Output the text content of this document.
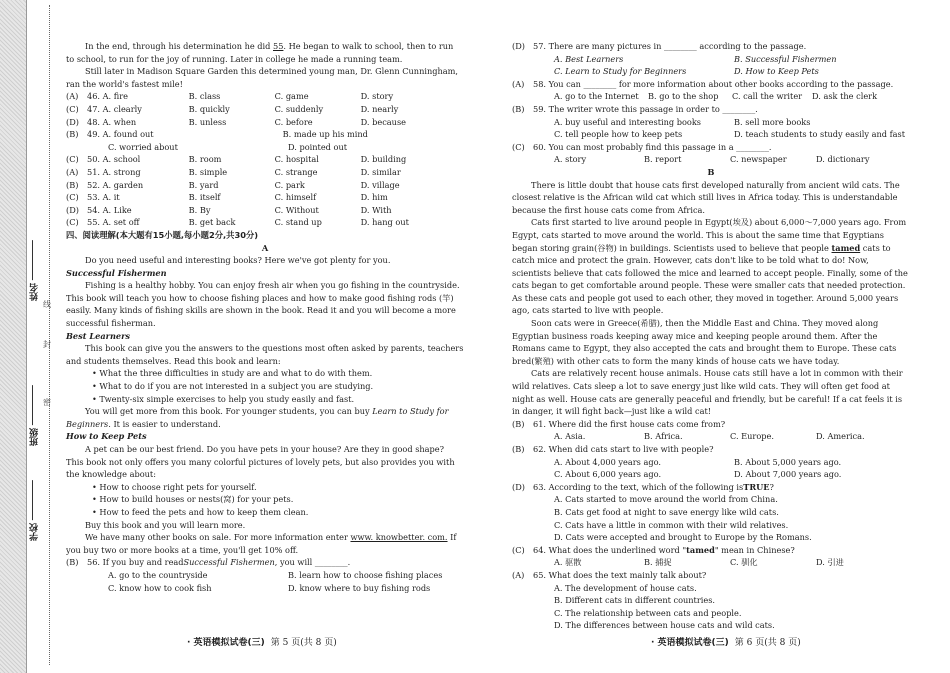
学校
班级
姓名
密
封
线

In the end, through his determination he did 55. He began to walk to school, then to run to school, to run for the joy of running. Later in college he made a running team.

Still later in Madison Square Garden this determined young man, Dr. Glenn Cunningham, ran the world's fastest mile!

(A)	46 . A. fire	B. class	C. game	D. story
(C)	47 . A. clearly	B. quickly	C. suddenly	D. nearly
(D) 48 . A. when	B. unless	C. before	D. because
(B)	49 . A. found out	B. made up his mind
C. worried about	D. pointed out
(C)	50 . A. school	B. room	C. hospital	D. building
(A)	51 . A. strong	B. simple	C. strange	D. similar
(B)	52 . A. garden	B. yard	C. park	D. village
(C)	53 . A. it	B. itself	C. himself	D. him
(D) 54 . A. Like	B. By	C. Without	D. With
(C)	55 . A. set off	B. get back	C. stand up	D. hang out

四、阅读理解(本大题有15小题,每小题2分,共30分)

A

Do you need useful and interesting books? Here we've got plenty for you.

Successful Fishermen

Fishing is a healthy hobby. You can enjoy fresh air when you go fishing in the countryside. This book will teach you how to choose fishing places and how to make good fishing rods (竿) easily. Many kinds of fishing skills are shown in the book. Read it and you will become a more successful fisherman.

Best Learners

This book can give you the answers to the questions most often asked by parents, teachers and students themselves. Read this book and learn:

• What the three difficulties in study are and what to do with them.

• What to do if you are not interested in a subject you are studying.

• Twenty-six simple exercises to help you study easily and fast.

You will get more from this book. For younger students, you can buy Learn to Study for Beginners. It is easier to understand.

How to Keep Pets

A pet can be our best friend. Do you have pets in your house? Are they in good shape? This book not only offers you many colorful pictures of lovely pets, but also provides you with the knowledge about:

• How to choose right pets for yourself.

• How to build houses or nests(窝) for your pets.

• How to feed the pets and how to keep them clean.

Buy this book and you will learn more.

We have many other books on sale. For more information enter www. knowbetter. com. If you buy two or more books at a time, you'll get 10% off.

(B)	56. If you buy and read Successful Fishermen , you will ________.
A. go to the countryside	B. learn how to choose fishing places
C. know how to cook fish	D. know where to buy fishing rods
· 英语模拟试卷(三) 第 5 页(共 8 页)
(D) 57. There are many pictures in ________ according to the passage.
A. Best Learners	B. Successful Fishermen
C. Learn to Study for Beginners	D. How to Keep Pets
(A)	58. You can ________ for more information about other books according to the passage.
A. go to the Internet	B. go to the shop	C. call the writer	D. ask the clerk
(B)	59. The writer wrote this passage in order to ________.
A. buy useful and interesting books	B. sell more books
C. tell people how to keep pets	D. teach students to study easily and fast
(C)	60. You can most probably find this passage in a ________.
A. story	B. report	C. newspaper	D. dictionary

B

There is little doubt that house cats first developed naturally from ancient wild cats. The closest relative is the African wild cat which still lives in Africa today. This is understandable because the first house cats come from Africa.

Cats first started to live around people in Egypt(埃及) about 6,000～7,000 years ago. From Egypt, cats started to move around the world. This is about the same time that Egyptians began storing grain(谷物) in buildings. Scientists used to believe that people tamed cats to catch mice and protect the grain. However, cats don't like to be told what to do! Now, scientists believe that cats followed the mice and learned to accept people. Finally, some of the cats began to get comfortable around people. These were smaller cats that needed protection. As these cats and people got used to each other, they moved in together. Around 5,000 years ago, cats started to live with people.

Soon cats were in Greece(希腊), then the Middle East and China. They moved along Egyptian business roads keeping away mice and keeping people around them. After the Romans came to Egypt, they also accepted the cats and brought them to Europe. These cats bred(繁殖) with other cats to form the many kinds of house cats we have today.

Cats are relatively recent house animals. House cats still have a lot in common with their wild relatives. Cats sleep a lot to save energy just like wild cats. They will often get food at night as well. House cats are generally peaceful and friendly, but be careful! If a cat feels it is in danger, it will fight back—just like a wild cat!

(B)	61. Where did the first house cats come from?
A. Asia.	B. Africa.	C. Europe.	D. America.
(B)	62. When did cats start to live with people?
A. About 4,000 years ago.	B. About 5,000 years ago.
C. About 6,000 years ago.	D. About 7,000 years ago.
(D) 63. According to the text, which of the following is TRUE ?

A. Cats started to move around the world from China.

B. Cats get food at night to save energy like wild cats.

C. Cats have a little in common with their wild relatives.

D. Cats were accepted and brought to Europe by the Romans.

(C)	64. What does the underlined word " tamed " mean in Chinese?
A. 驱散	B. 捕捉	C. 驯化	D. 引进
(A)	65. What does the text mainly talk about?

A. The development of house cats.

B. Different cats in different countries.

C. The relationship between cats and people.

D. The differences between house cats and wild cats.

· 英语模拟试卷(三) 第 6 页(共 8 页)
